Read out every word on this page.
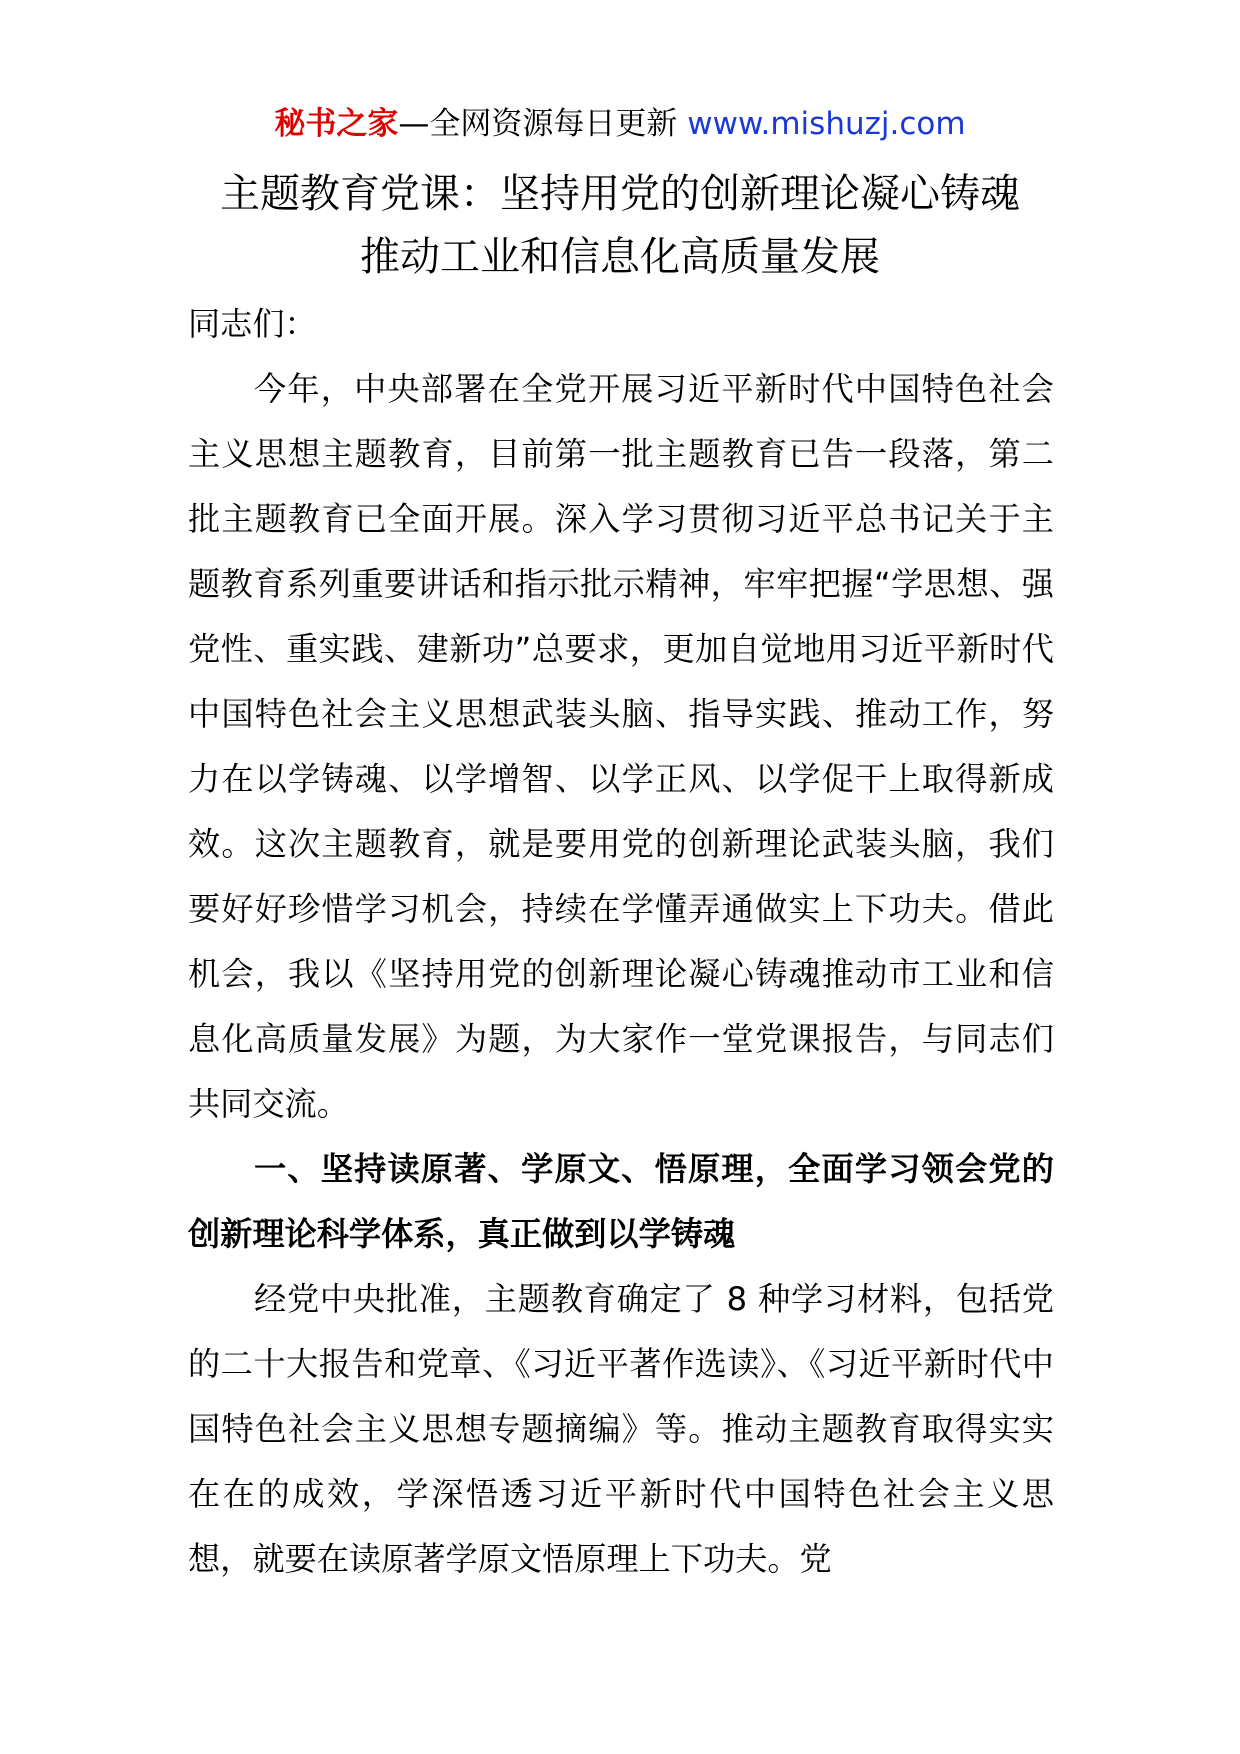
秘书之家—全网资源每日更新 www.mishuzj.com
主题教育党课：坚持用党的创新理论凝心铸魂
推动工业和信息化高质量发展

同志们：

今年，中央部署在全党开展习近平新时代中国特色社会主义思想主题教育，目前第一批主题教育已告一段落，第二批主题教育已全面开展。深入学习贯彻习近平总书记关于主题教育系列重要讲话和指示批示精神，牢牢把握“学思想、强党性、重实践、建新功”总要求，更加自觉地用习近平新时代中国特色社会主义思想武装头脑、指导实践、推动工作，努力在以学铸魂、以学增智、以学正风、以学促干上取得新成效。这次主题教育，就是要用党的创新理论武装头脑，我们要好好珍惜学习机会，持续在学懂弄通做实上下功夫。借此机会，我以《坚持用党的创新理论凝心铸魂推动市工业和信息化高质量发展》为题，为大家作一堂党课报告，与同志们共同交流。

一、坚持读原著、学原文、悟原理，全面学习领会党的创新理论科学体系，真正做到以学铸魂

经党中央批准，主题教育确定了 8 种学习材料，包括党的二十大报告和党章、《习近平著作选读》、《习近平新时代中国特色社会主义思想专题摘编》等。推动主题教育取得实实在在的成效，学深悟透习近平新时代中国特色社会主义思想，就要在读原著学原文悟原理上下功夫。党
